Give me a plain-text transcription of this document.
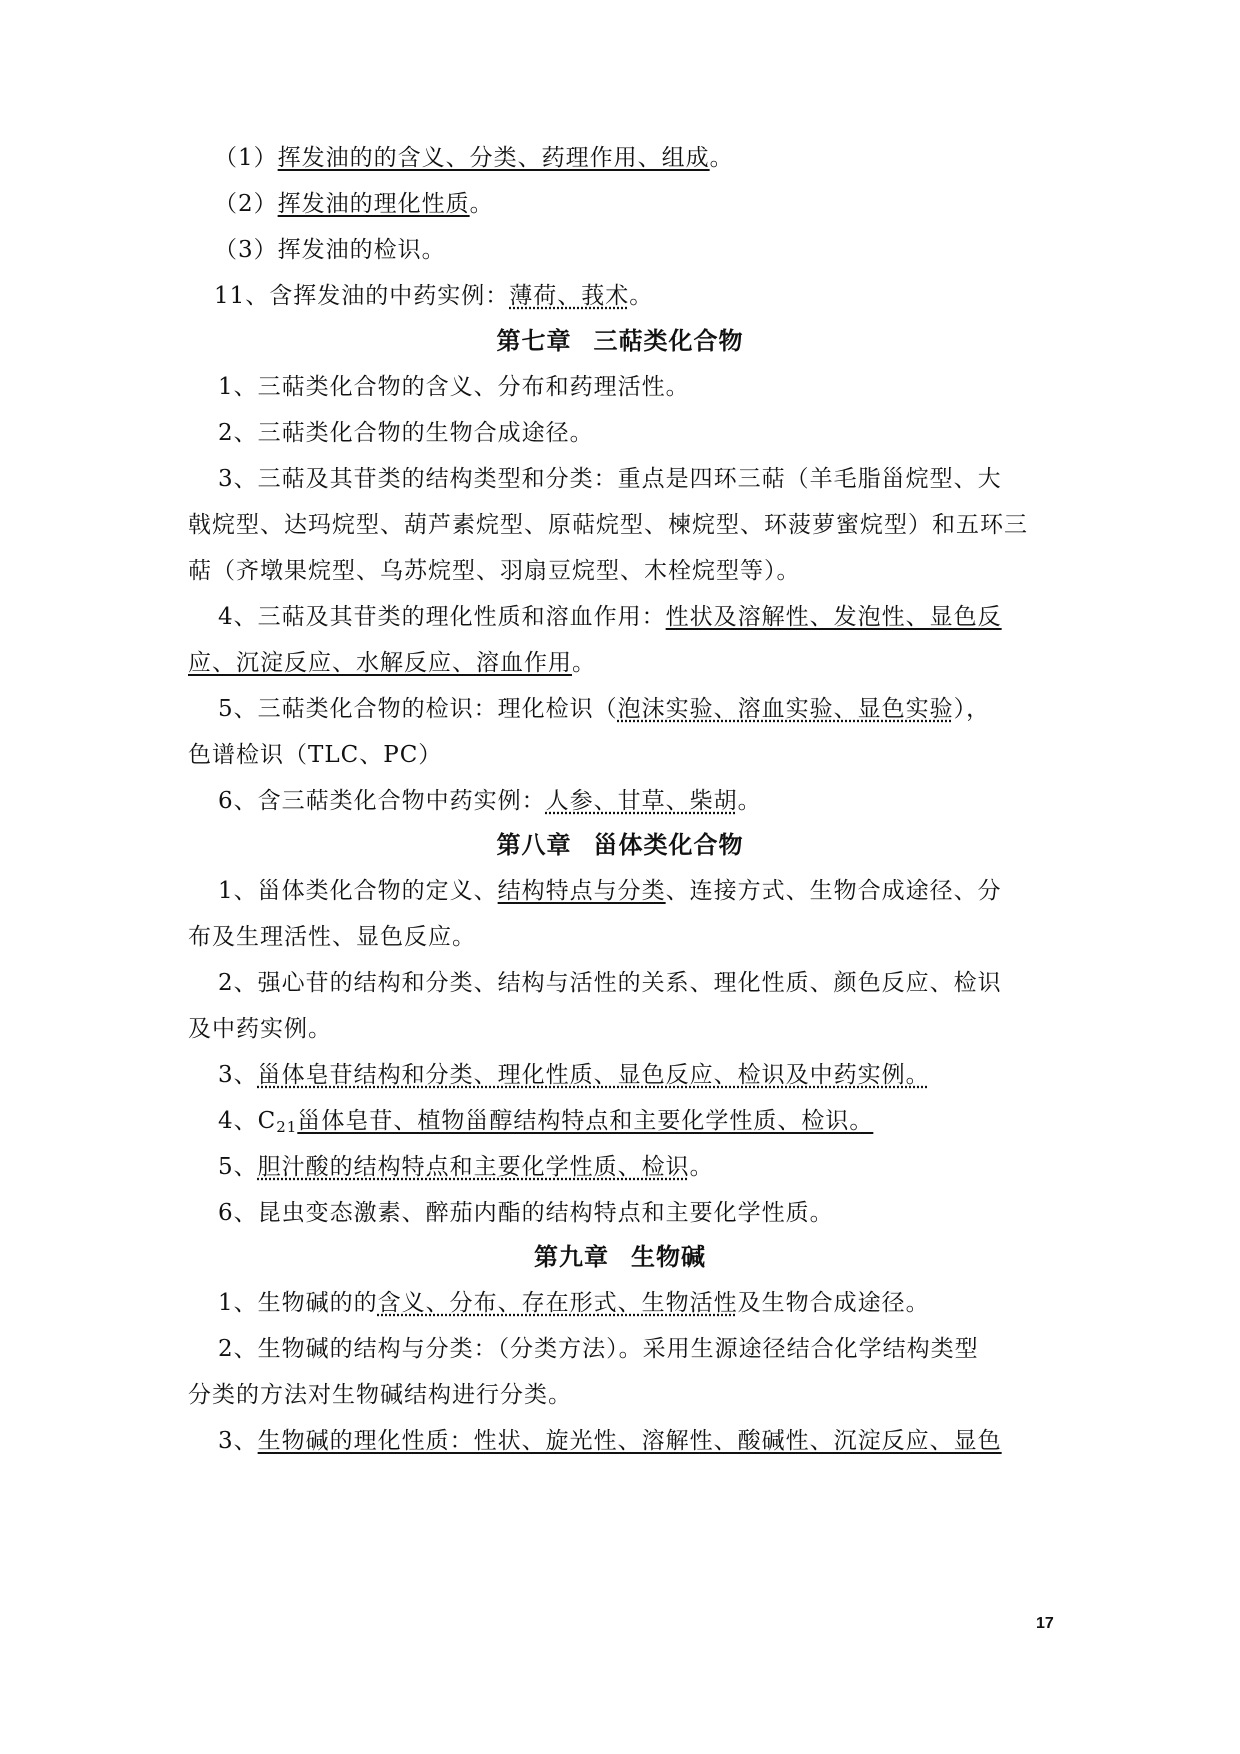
（1）挥发油的的含义、分类、药理作用、组成。
（2）挥发油的理化性质。
（3）挥发油的检识。
11、含挥发油的中药实例：薄荷、莪术。
第七章 三萜类化合物
1、三萜类化合物的含义、分布和药理活性。
2、三萜类化合物的生物合成途径。
3、三萜及其苷类的结构类型和分类：重点是四环三萜（羊毛脂甾烷型、大
戟烷型、达玛烷型、葫芦素烷型、原萜烷型、楝烷型、环菠萝蜜烷型）和五环三
萜（齐墩果烷型、乌苏烷型、羽扇豆烷型、木栓烷型等）。
4、三萜及其苷类的理化性质和溶血作用：性状及溶解性、发泡性、显色反
应、沉淀反应、水解反应、溶血作用。
5、三萜类化合物的检识：理化检识（泡沫实验、溶血实验、显色实验），
色谱检识（TLC、PC）
6、含三萜类化合物中药实例：人参、甘草、柴胡。
第八章 甾体类化合物
1、甾体类化合物的定义、结构特点与分类、连接方式、生物合成途径、分
布及生理活性、显色反应。
2、强心苷的结构和分类、结构与活性的关系、理化性质、颜色反应、检识
及中药实例。
3、甾体皂苷结构和分类、理化性质、显色反应、检识及中药实例。
4、$C_{21}$甾体皂苷、植物甾醇结构特点和主要化学性质、检识。
5、胆汁酸的结构特点和主要化学性质、检识。
6、昆虫变态激素、醉茄内酯的结构特点和主要化学性质。
第九章 生物碱
1、生物碱的的含义、分布、存在形式、生物活性及生物合成途径。
2、生物碱的结构与分类：（分类方法）。采用生源途径结合化学结构类型
分类的方法对生物碱结构进行分类。
3、生物碱的理化性质：性状、旋光性、溶解性、酸碱性、沉淀反应、显色
17
